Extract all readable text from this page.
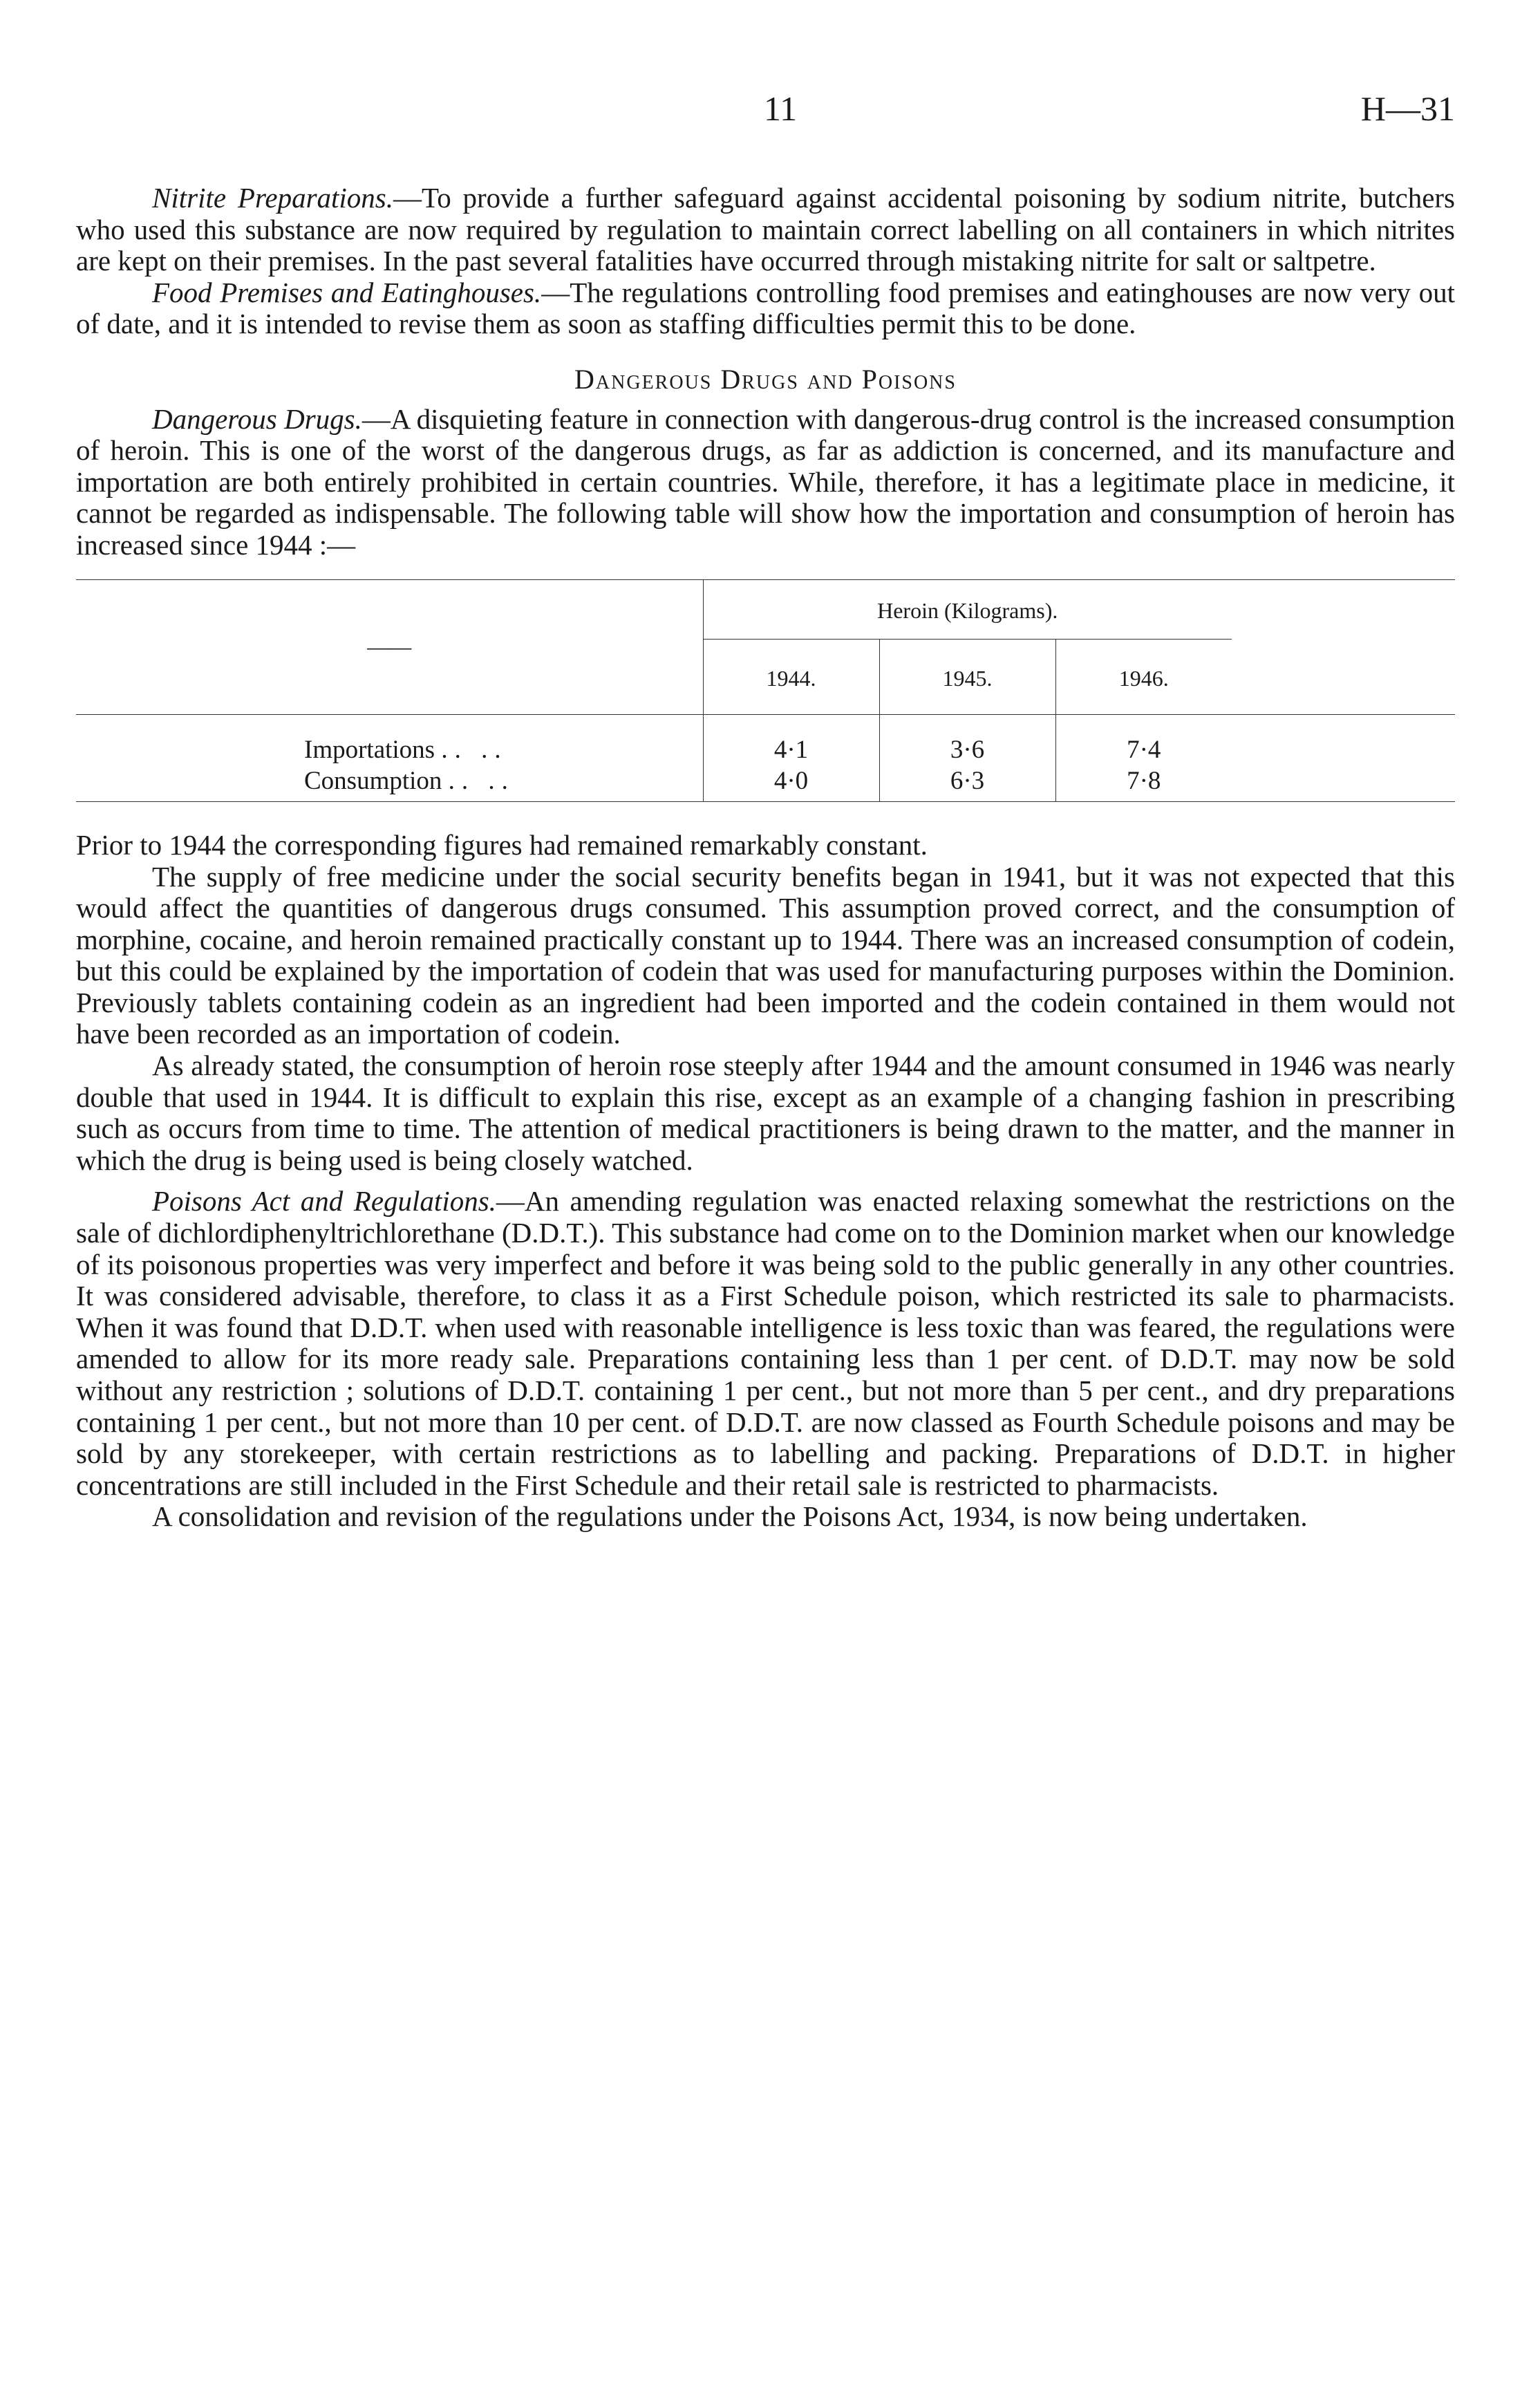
11	H—31

Nitrite Preparations.—To provide a further safeguard against accidental poisoning by sodium nitrite, butchers who used this substance are now required by regulation to maintain correct labelling on all containers in which nitrites are kept on their premises. In the past several fatalities have occurred through mistaking nitrite for salt or saltpetre.

Food Premises and Eatinghouses.—The regulations controlling food premises and eatinghouses are now very out of date, and it is intended to revise them as soon as staffing difficulties permit this to be done.

Dangerous Drugs and Poisons

Dangerous Drugs.—A disquieting feature in connection with dangerous-drug control is the increased consumption of heroin. This is one of the worst of the dangerous drugs, as far as addiction is concerned, and its manufacture and importation are both entirely prohibited in certain countries. While, therefore, it has a legitimate place in medicine, it cannot be regarded as indispensable. The following table will show how the importation and consumption of heroin has increased since 1944 :—

——	Heroin (Kilograms).			
	1944.	1945.	1946.	
Importations .. ..	4·1	3·6	7·4	
Consumption .. ..	4·0	6·3	7·8	

Prior to 1944 the corresponding figures had remained remarkably constant.

The supply of free medicine under the social security benefits began in 1941, but it was not expected that this would affect the quantities of dangerous drugs consumed. This assumption proved correct, and the consumption of morphine, cocaine, and heroin remained practically constant up to 1944. There was an increased consumption of codein, but this could be explained by the importation of codein that was used for manufacturing purposes within the Dominion. Previously tablets containing codein as an ingredient had been imported and the codein contained in them would not have been recorded as an importation of codein.

As already stated, the consumption of heroin rose steeply after 1944 and the amount consumed in 1946 was nearly double that used in 1944. It is difficult to explain this rise, except as an example of a changing fashion in prescribing such as occurs from time to time. The attention of medical practitioners is being drawn to the matter, and the manner in which the drug is being used is being closely watched.

Poisons Act and Regulations.—An amending regulation was enacted relaxing somewhat the restrictions on the sale of dichlordiphenyltrichlorethane (D.D.T.). This substance had come on to the Dominion market when our knowledge of its poisonous properties was very imperfect and before it was being sold to the public generally in any other countries. It was considered advisable, therefore, to class it as a First Schedule poison, which restricted its sale to pharmacists. When it was found that D.D.T. when used with reasonable intelligence is less toxic than was feared, the regulations were amended to allow for its more ready sale. Preparations containing less than 1 per cent. of D.D.T. may now be sold without any restriction ; solutions of D.D.T. containing 1 per cent., but not more than 5 per cent., and dry preparations containing 1 per cent., but not more than 10 per cent. of D.D.T. are now classed as Fourth Schedule poisons and may be sold by any storekeeper, with certain restrictions as to labelling and packing. Preparations of D.D.T. in higher concentrations are still included in the First Schedule and their retail sale is restricted to pharmacists.

A consolidation and revision of the regulations under the Poisons Act, 1934, is now being undertaken.
